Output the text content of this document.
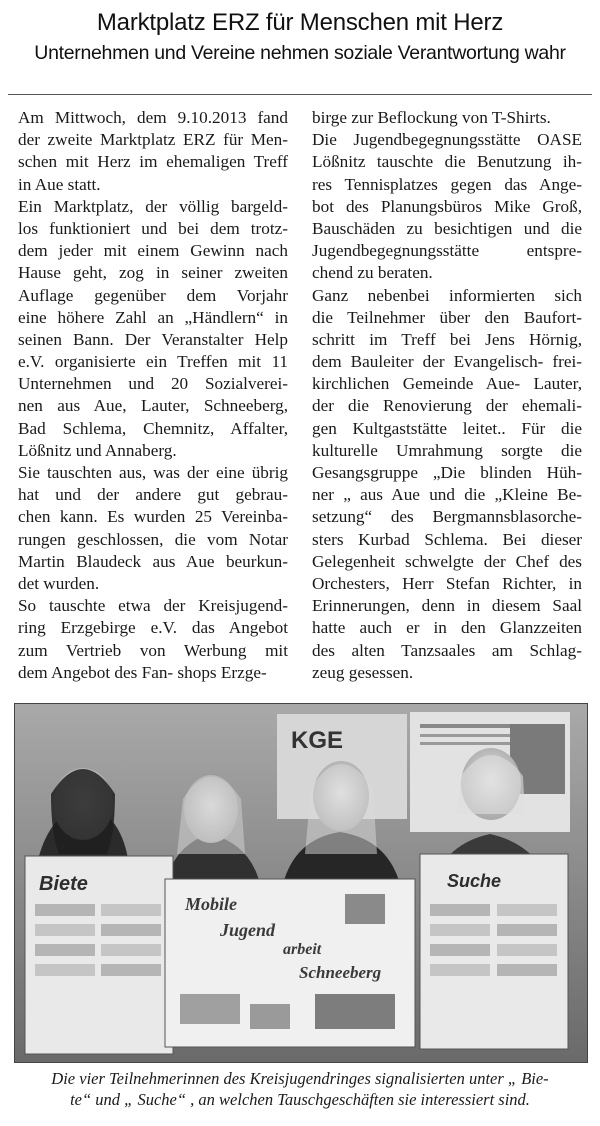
Marktplatz ERZ für Menschen mit Herz
Unternehmen und Vereine nehmen soziale Verantwortung wahr
Am Mittwoch, dem 9.10.2013 fand
der zweite Marktplatz ERZ für Men-
schen mit Herz im ehemaligen Treff
in Aue statt.
Ein Marktplatz, der völlig bargeld-
los funktioniert und bei dem trotz-
dem jeder mit einem Gewinn nach
Hause geht, zog in seiner zweiten
Auflage gegenüber dem Vorjahr
eine höhere Zahl an „Händlern“ in
seinen Bann. Der Veranstalter Help
e.V. organisierte ein Treffen mit 11
Unternehmen und 20 Sozialverei-
nen aus Aue, Lauter, Schneeberg,
Bad Schlema, Chemnitz, Affalter,
Lößnitz und Annaberg.
Sie tauschten aus, was der eine übrig
hat und der andere gut gebrau-
chen kann. Es wurden 25 Vereinba-
rungen geschlossen, die vom Notar
Martin Blaudeck aus Aue beurkun-
det wurden.
So tauschte etwa der Kreisjugend-
ring Erzgebirge e.V. das Angebot
zum Vertrieb von Werbung mit
dem Angebot des Fan- shops Erzge-
birge zur Beflockung von T-Shirts.
Die Jugendbegegnungsstätte OASE
Lößnitz tauschte die Benutzung ih-
res Tennisplatzes gegen das Ange-
bot des Planungsbüros Mike Groß,
Bauschäden zu besichtigen und die
Jugendbegegnungsstätte entspre-
chend zu beraten.
Ganz nebenbei informierten sich
die Teilnehmer über den Baufort-
schritt im Treff bei Jens Hörnig,
dem Bauleiter der Evangelisch- frei-
kirchlichen Gemeinde Aue- Lauter,
der die Renovierung der ehemali-
gen Kultgaststätte leitet.. Für die
kulturelle Umrahmung sorgte die
Gesangsgruppe „Die blinden Hüh-
ner „ aus Aue und die „Kleine Be-
setzung“ des Bergmannsblasorche-
sters Kurbad Schlema. Bei dieser
Gelegenheit schwelgte der Chef des
Orchesters, Herr Stefan Richter, in
Erinnerungen, denn in diesem Saal
hatte auch er in den Glanzzeiten
des alten Tanzsaales am Schlag-
zeug gesessen.
KGE
Biete
Mobile
Jugend
arbeit
Schneeberg
Suche
Die vier Teilnehmerinnen des Kreisjugendringes signalisierten unter „ Bie-
te“ und „ Suche“ , an welchen Tauschgeschäften sie interessiert sind.
